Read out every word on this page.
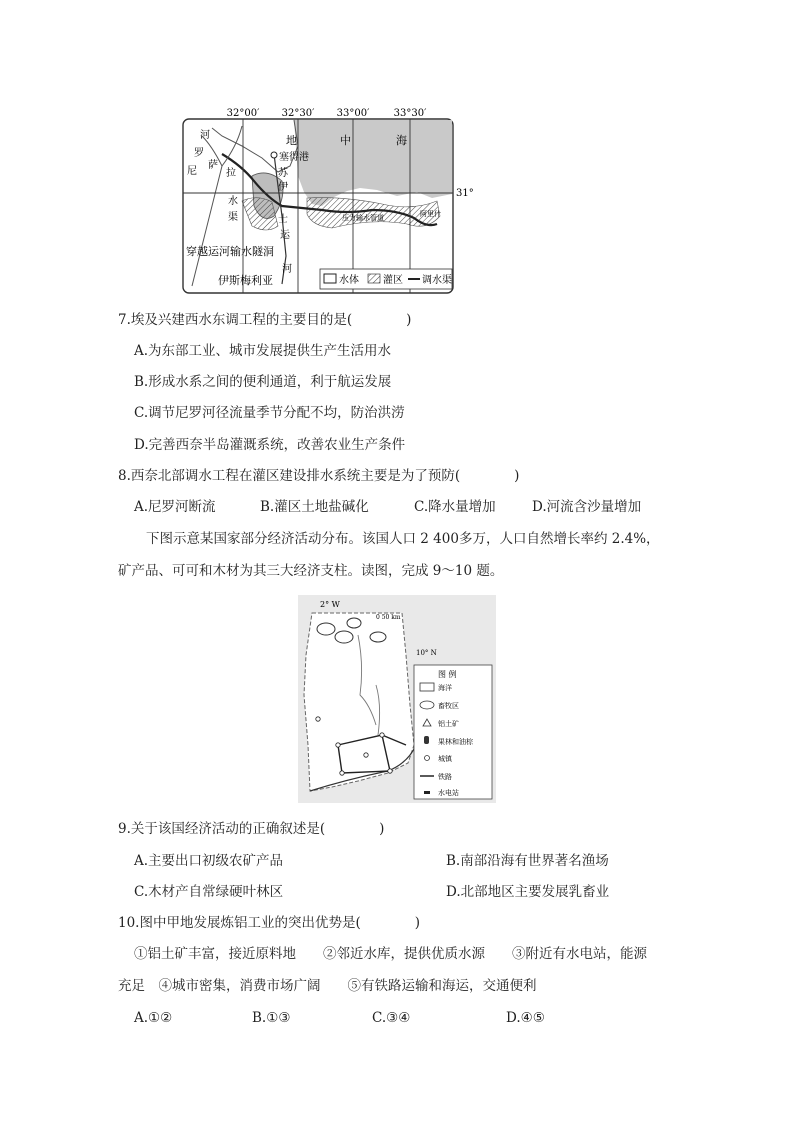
32°00′ 32°30′ 33°00′ 33°30′
31°
地	中	海
塞得港
河
罗
尼
萨
拉	苏
伊
士
运
河
水
渠	压力输水管道	阿里什
穿越运河输水隧洞
伊斯梅利亚	水体 灌区 调水渠
7.埃及兴建西水东调工程的主要目的是(　　　　)
A.为东部工业、城市发展提供生产生活用水
B.形成水系之间的便利通道，利于航运发展
C.调节尼罗河径流量季节分配不均，防治洪涝
D.完善西奈半岛灌溉系统，改善农业生产条件
8.西奈北部调水工程在灌区建设排水系统主要是为了预防(　　　　)
A.尼罗河断流	B.灌区土地盐碱化	C.降水量增加	D.河流含沙量增加
下图示意某国家部分经济活动分布。该国人口 2 400多万，人口自然增长率约 2.4%，
矿产品、可可和木材为其三大经济支柱。读图，完成 9～10 题。
2° W
0 50 km
10° N
图 例
海洋
畜牧区
铝土矿
果林和油棕
城镇
铁路
水电站
9.关于该国经济活动的正确叙述是(　　　　)
A.主要出口初级农矿产品	B.南部沿海有世界著名渔场
C.木材产自常绿硬叶林区	D.北部地区主要发展乳畜业
10.图中甲地发展炼铝工业的突出优势是(　　　　)
①铝土矿丰富，接近原料地　　②邻近水库，提供优质水源　　③附近有水电站，能源
充足　④城市密集，消费市场广阔　　⑤有铁路运输和海运，交通便利
A.①②	B.①③	C.③④	D.④⑤
